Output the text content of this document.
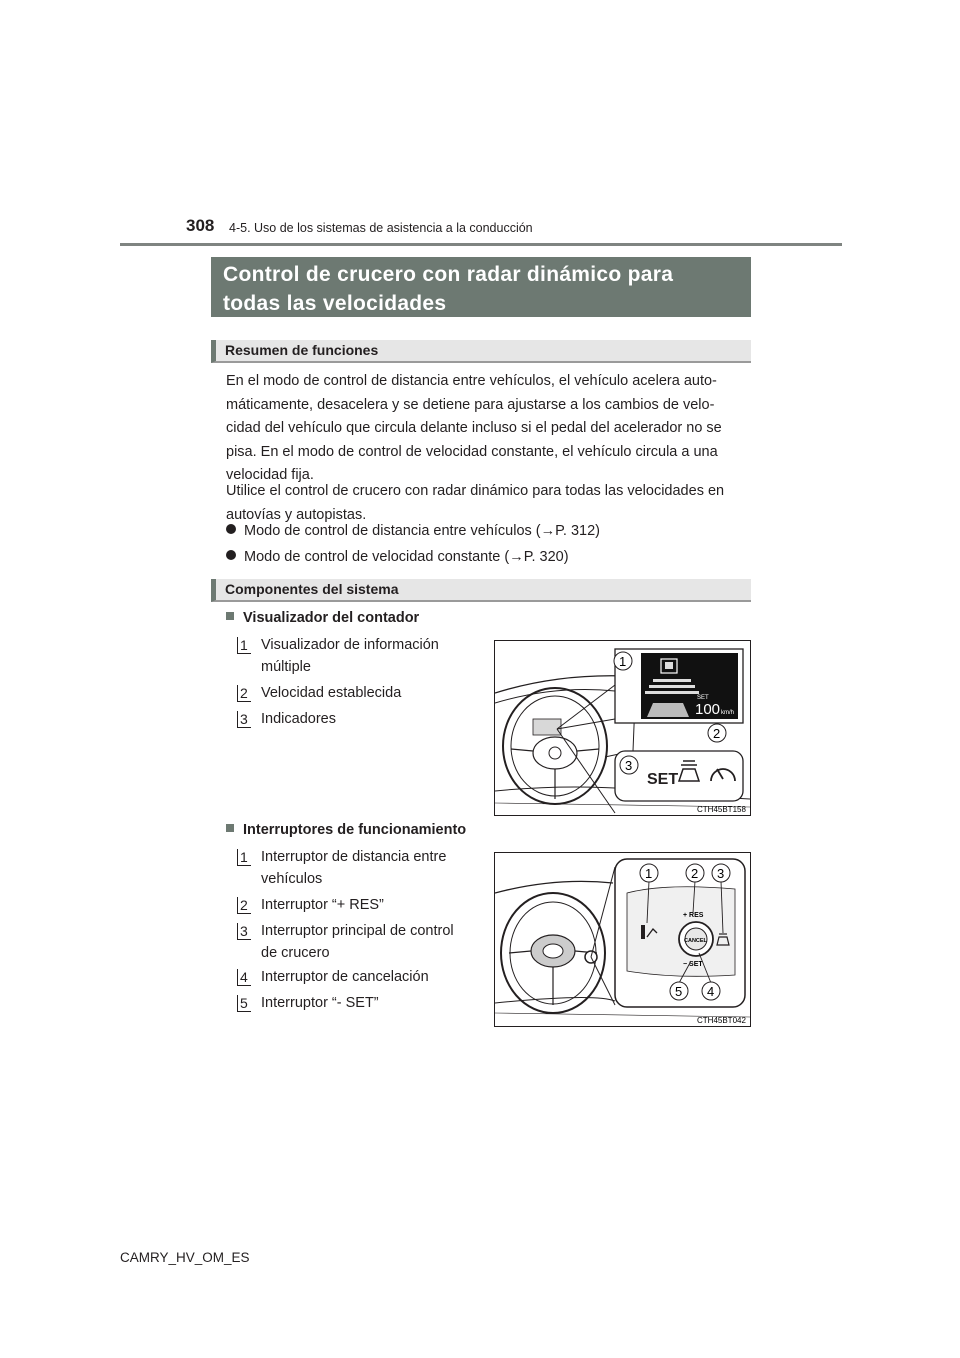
308 4-5. Uso de los sistemas de asistencia a la conducción
Control de crucero con radar dinámico para
todas las velocidades
Resumen de funciones
En el modo de control de distancia entre vehículos, el vehículo acelera auto-
máticamente, desacelera y se detiene para ajustarse a los cambios de velo-
cidad del vehículo que circula delante incluso si el pedal del acelerador no se
pisa. En el modo de control de velocidad constante, el vehículo circula a una
velocidad fija.
Utilice el control de crucero con radar dinámico para todas las velocidades en
autovías y autopistas.
Modo de control de distancia entre vehículos (→P. 312)
Modo de control de velocidad constante (→P. 320)
Componentes del sistema
Visualizador del contador
1 Visualizador de información
múltiple
2 Velocidad establecida
3 Indicadores
SET
100 km/h
SET
1
2
3
CTH45BT158
Interruptores de funcionamiento
1 Interruptor de distancia entre
vehículos
2 Interruptor “+ RES”
3 Interruptor principal de control
de crucero
4 Interruptor de cancelación
5 Interruptor “- SET”
+ RES
CANCEL
− SET
1	2 3
5 4
CTH45BT042
CAMRY_HV_OM_ES
